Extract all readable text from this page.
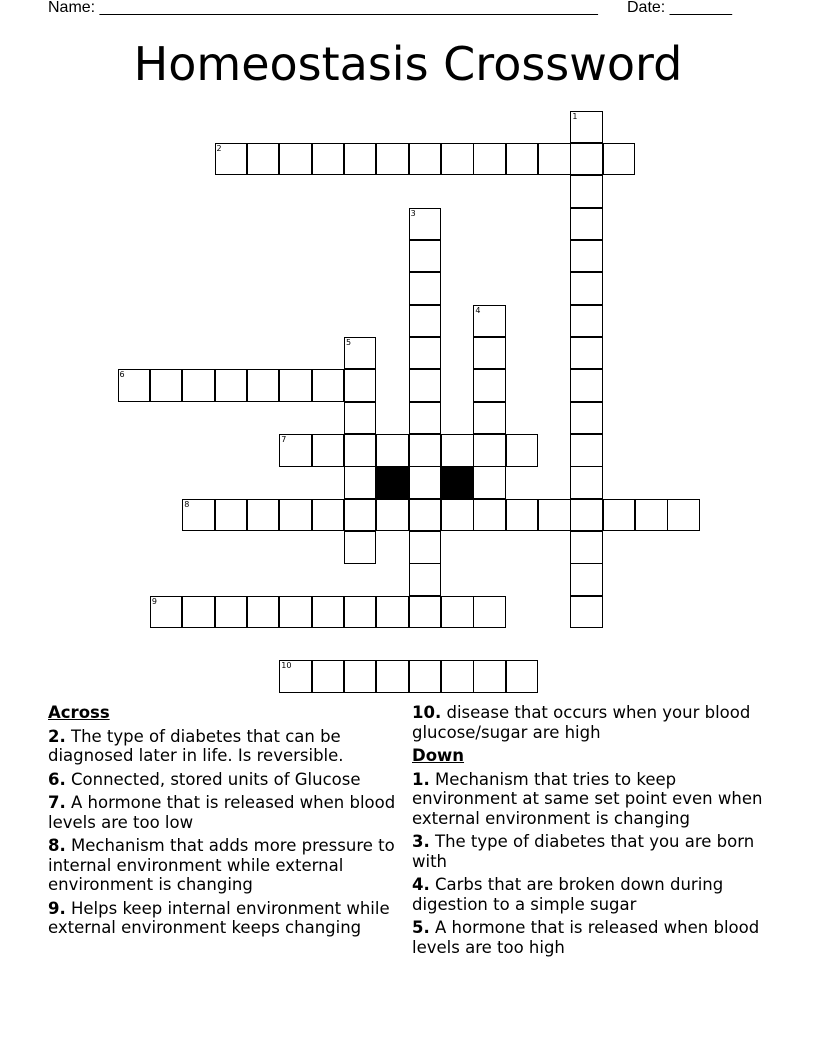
Name: ________________________________________________________ Date: _______
Homeostasis Crossword
1
2
3
4
5
6
7
8
9
10
Across
2. The type of diabetes that can be diagnosed later in life. Is reversible.
6. Connected, stored units of Glucose
7. A hormone that is released when blood levels are too low
8. Mechanism that adds more pressure to internal environment while external environment is changing
9. Helps keep internal environment while external environment keeps changing
10. disease that occurs when your blood glucose/sugar are high
Down
1. Mechanism that tries to keep environment at same set point even when external environment is changing
3. The type of diabetes that you are born with
4. Carbs that are broken down during digestion to a simple sugar
5. A hormone that is released when blood levels are too high
